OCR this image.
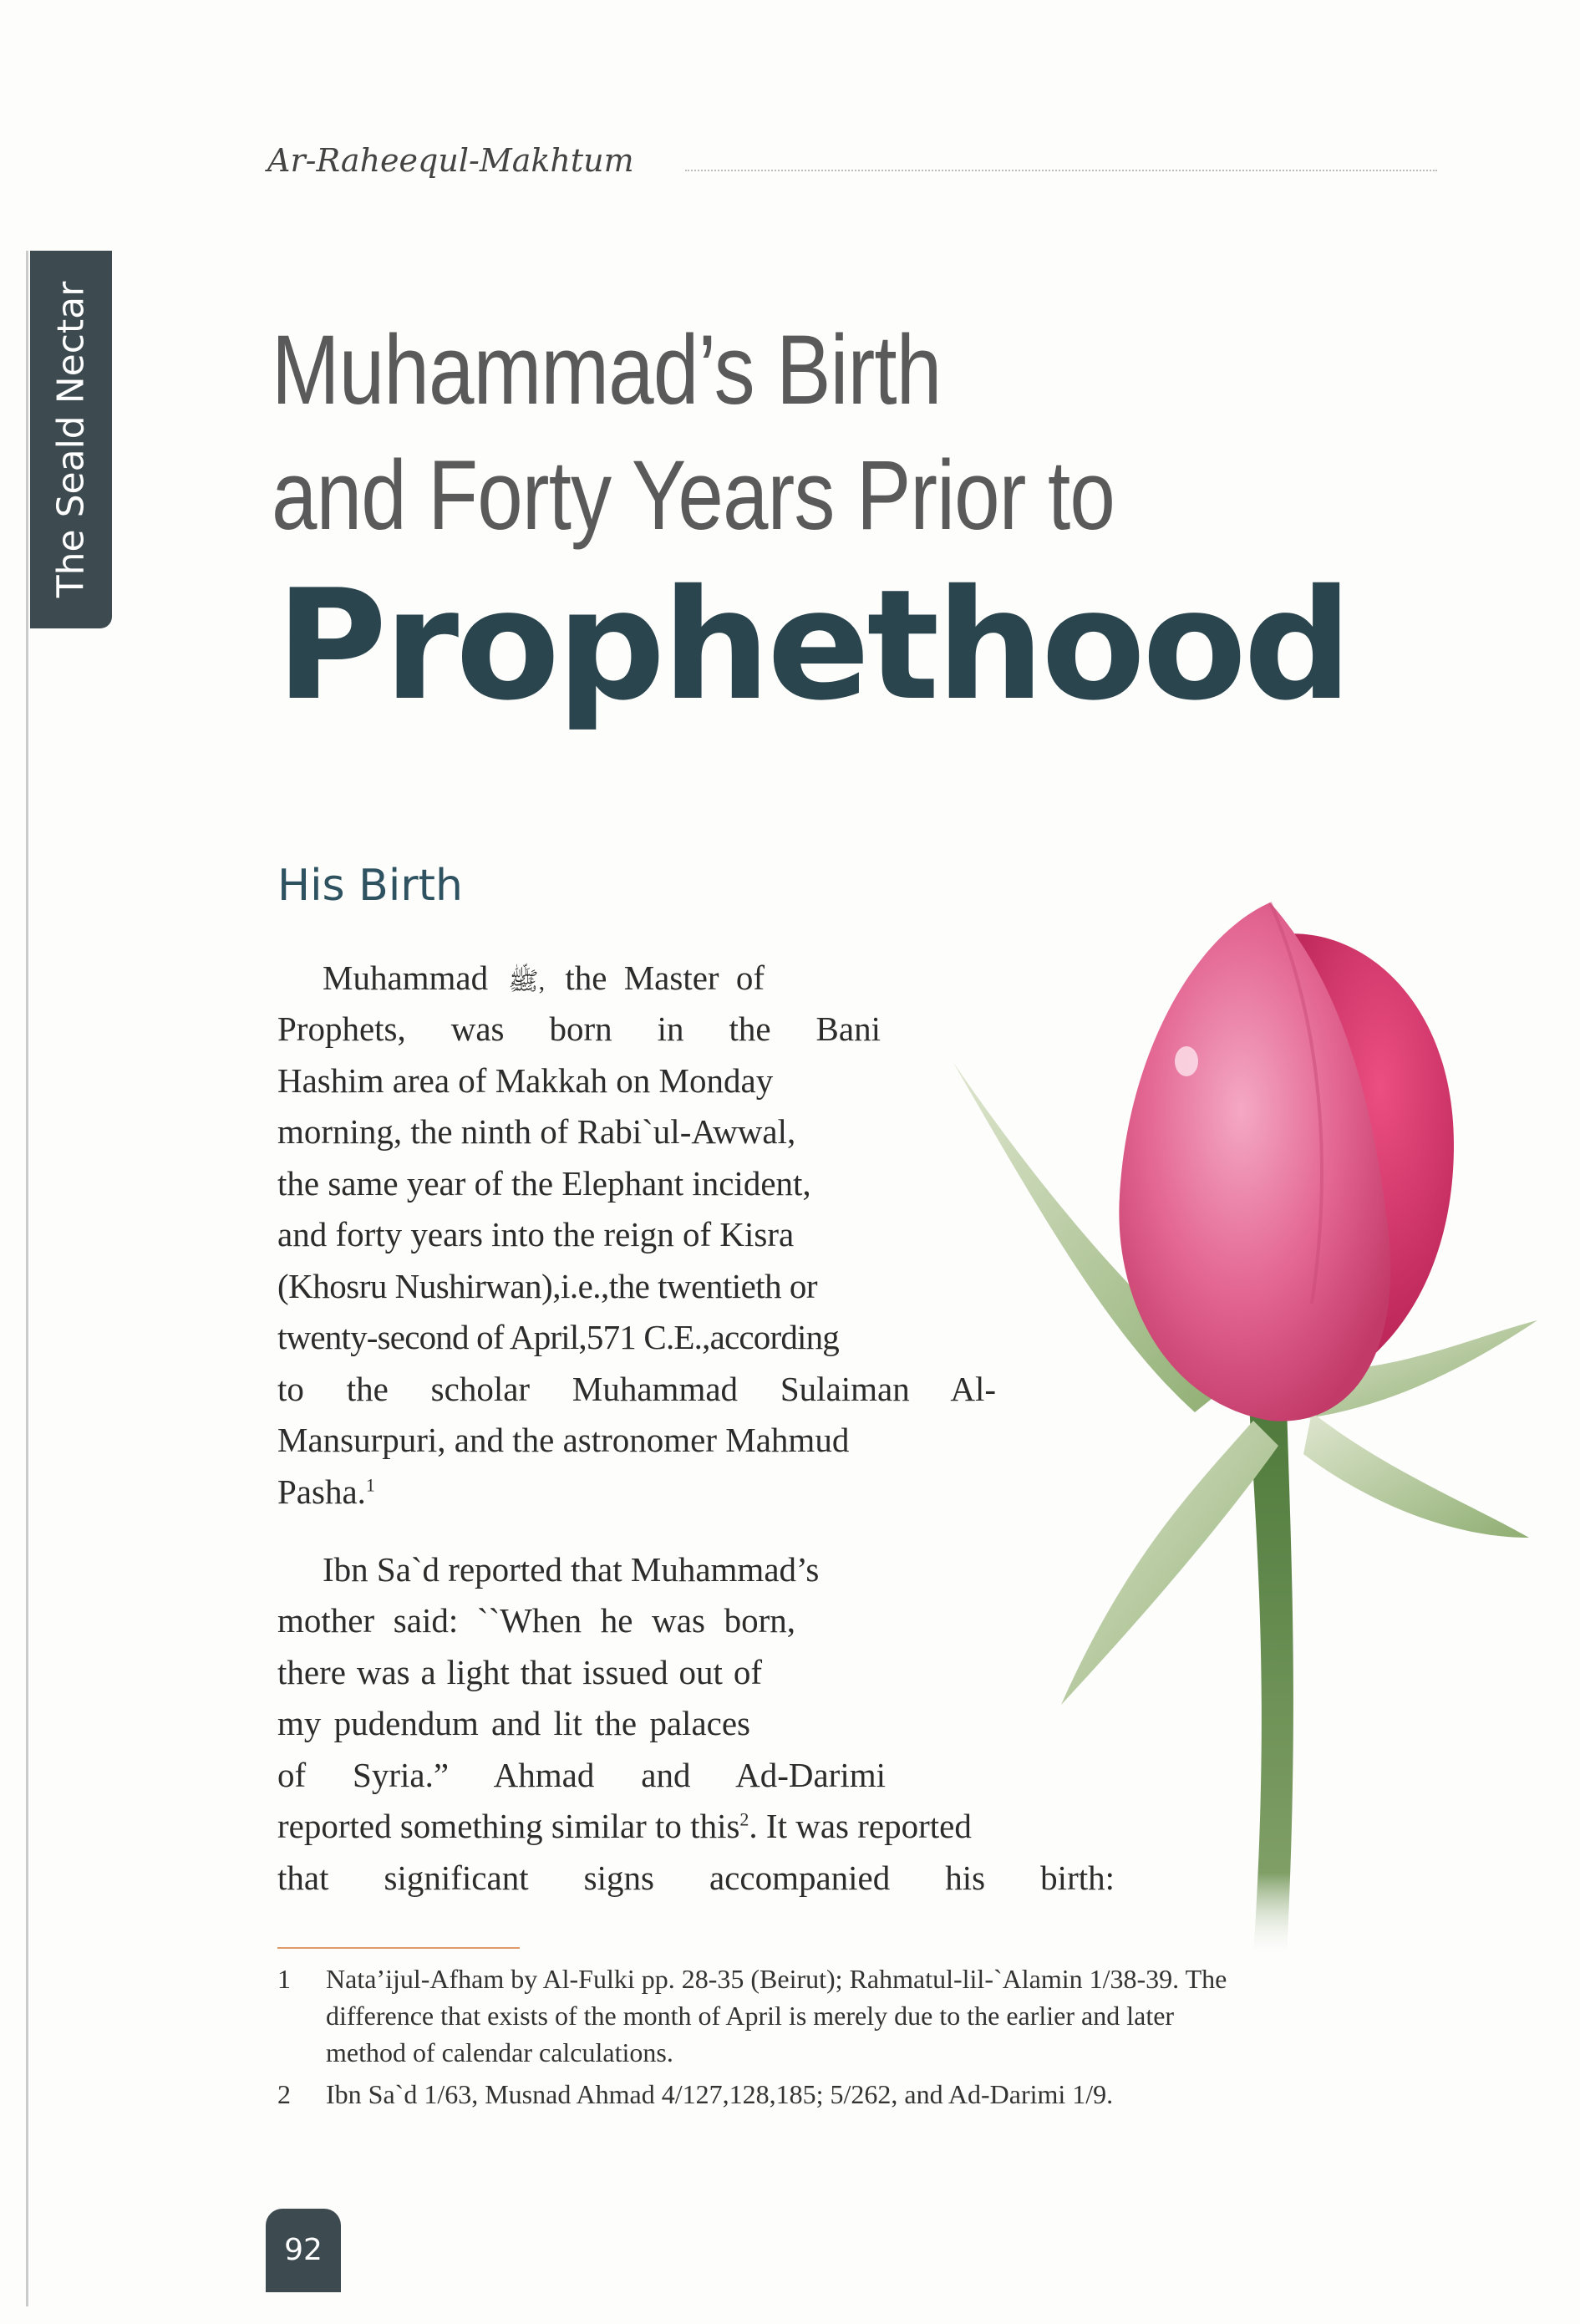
Ar-Raheequl-Makhtum
The Seald Nectar Muhammad’s Birth
and Forty Years Prior to
Prophethood
His Birth
Muhammad ﷺ, the Master of
Prophets, was born in the Bani
Hashim area of Makkah on Monday
morning, the ninth of Rabi`ul-Awwal,
the same year of the Elephant incident,
and forty years into the reign of Kisra
(Khosru Nushirwan),i.e.,the twentieth or
twenty-second of April,571 C.E.,according
to the scholar Muhammad Sulaiman Al-
Mansurpuri, and the astronomer Mahmud
Pasha.$^1$
Ibn Sa`d reported that Muhammad’s
mother said: ``When he was born,
there was a light that issued out of
my pudendum and lit the palaces
of Syria.” Ahmad and Ad-Darimi
reported something similar to this$^2$. It was reported
that significant signs accompanied his birth:
1 Nata’ijul-Afham by Al-Fulki pp. 28-35 (Beirut); Rahmatul-lil-`Alamin 1/38-39. The
difference that exists of the month of April is merely due to the earlier and later
method of calendar calculations.
2 Ibn Sa`d 1/63, Musnad Ahmad 4/127,128,185; 5/262, and Ad-Darimi 1/9.
92
